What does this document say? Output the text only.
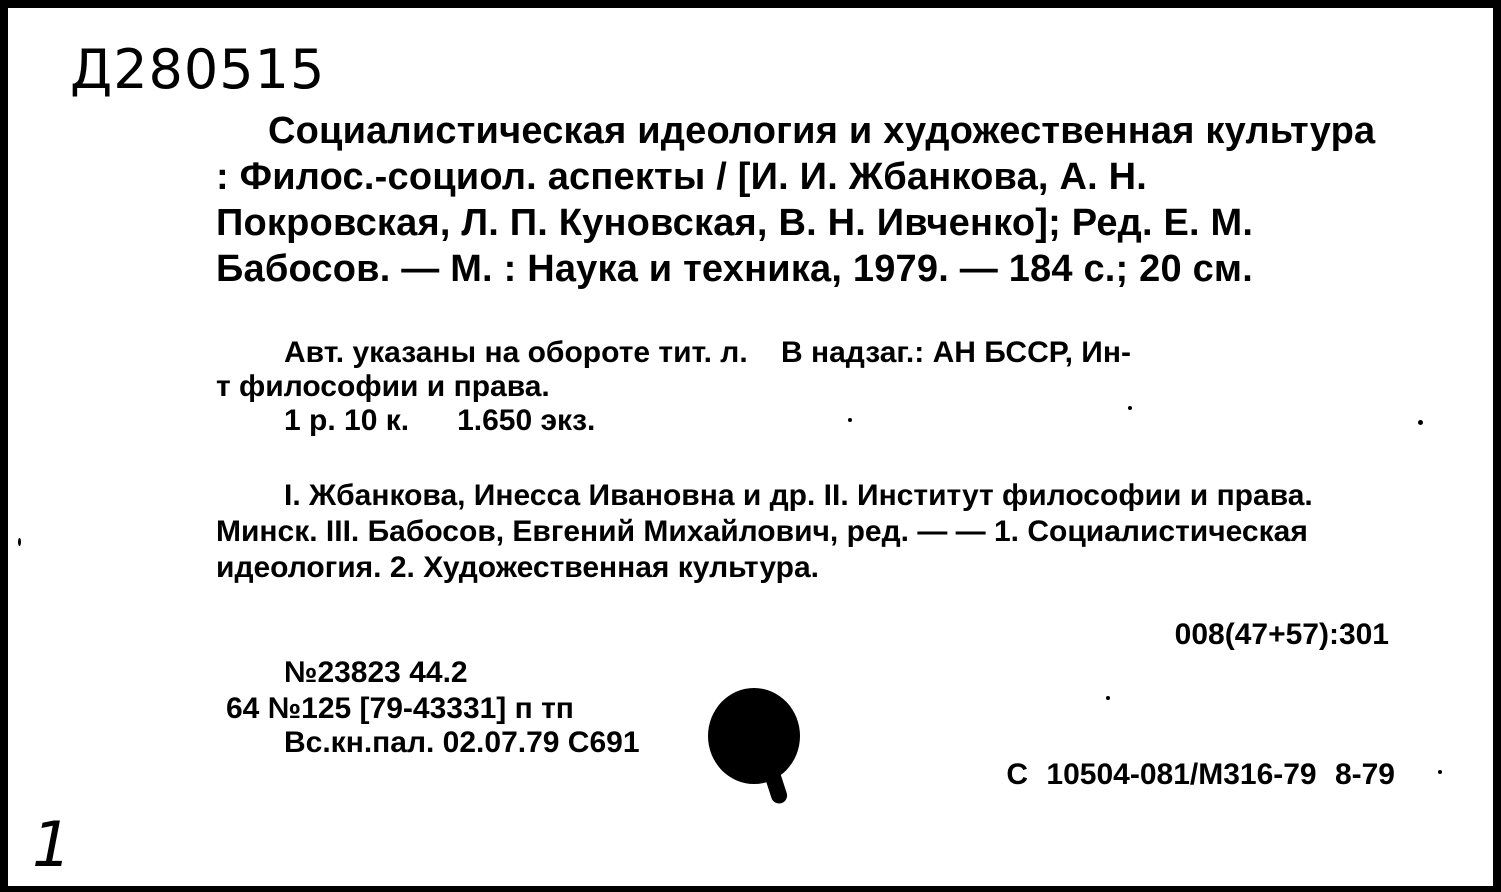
Д280515
Социалистическая идеология и художественная культура : Филос.-социол. аспекты / [И. И. Жбанкова, А. Н. Покровская, Л. П. Куновская, В. Н. Ивченко]; Ред. Е. М. Бабосов. — М. : Наука и техника, 1979. — 184 с.; 20 см.
Авт. указаны на обороте тит. л. В надзаг.: АН БССР, Ин-
т философии и права.
1 р. 10 к. 1.650 экз.
I. Жбанкова, Инесса Ивановна и др. II. Институт философии и права. Минск. III. Бабосов, Евгений Михайлович, ред. — — 1. Социалистическая идеология. 2. Художественная культура.
008(47+57):301
№23823 44.2
64 №125 [79-43331] п тп
Вс.кн.пал. 02.07.79 С691
С 10504-081/М316-79 8-79
1
